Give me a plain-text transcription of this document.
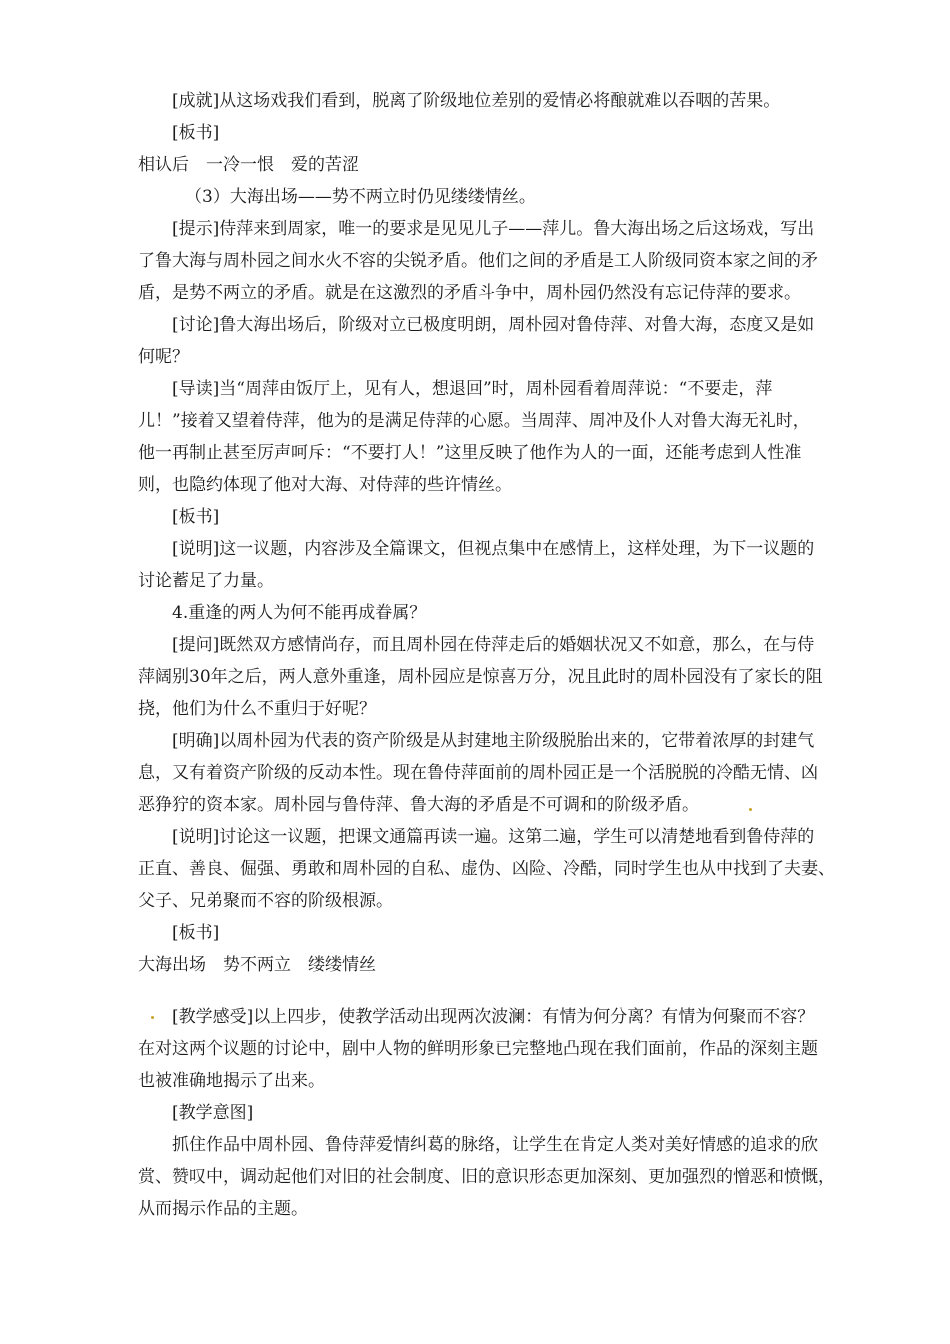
[成就]从这场戏我们看到，脱离了阶级地位差别的爱情必将酿就难以吞咽的苦果。
[板书]
相认后　一冷一恨　爱的苦涩
（3）大海出场——势不两立时仍见缕缕情丝。
[提示]侍萍来到周家，唯一的要求是见见儿子——萍儿。鲁大海出场之后这场戏，写出
了鲁大海与周朴园之间水火不容的尖锐矛盾。他们之间的矛盾是工人阶级同资本家之间的矛
盾，是势不两立的矛盾。就是在这激烈的矛盾斗争中，周朴园仍然没有忘记侍萍的要求。
[讨论]鲁大海出场后，阶级对立已极度明朗，周朴园对鲁侍萍、对鲁大海，态度又是如
何呢？
[导读]当“周萍由饭厅上，见有人，想退回”时，周朴园看着周萍说：“不要走，萍
儿！”接着又望着侍萍，他为的是满足侍萍的心愿。当周萍、周冲及仆人对鲁大海无礼时，
他一再制止甚至厉声呵斥：“不要打人！”这里反映了他作为人的一面，还能考虑到人性准
则，也隐约体现了他对大海、对侍萍的些许情丝。
[板书]
[说明]这一议题，内容涉及全篇课文，但视点集中在感情上，这样处理，为下一议题的
讨论蓄足了力量。
4.重逢的两人为何不能再成眷属？
[提问]既然双方感情尚存，而且周朴园在侍萍走后的婚姻状况又不如意，那么，在与侍
萍阔别30年之后，两人意外重逢，周朴园应是惊喜万分，况且此时的周朴园没有了家长的阻
挠，他们为什么不重归于好呢？
[明确]以周朴园为代表的资产阶级是从封建地主阶级脱胎出来的，它带着浓厚的封建气
息，又有着资产阶级的反动本性。现在鲁侍萍面前的周朴园正是一个活脱脱的冷酷无情、凶
恶狰狞的资本家。周朴园与鲁侍萍、鲁大海的矛盾是不可调和的阶级矛盾。
[说明]讨论这一议题，把课文通篇再读一遍。这第二遍，学生可以清楚地看到鲁侍萍的
正直、善良、倔强、勇敢和周朴园的自私、虚伪、凶险、冷酷，同时学生也从中找到了夫妻、
父子、兄弟聚而不容的阶级根源。
[板书]
大海出场　势不两立　缕缕情丝
[教学感受]以上四步，使教学活动出现两次波澜：有情为何分离？有情为何聚而不容？
在对这两个议题的讨论中，剧中人物的鲜明形象已完整地凸现在我们面前，作品的深刻主题
也被准确地揭示了出来。
[教学意图]
抓住作品中周朴园、鲁侍萍爱情纠葛的脉络，让学生在肯定人类对美好情感的追求的欣
赏、赞叹中，调动起他们对旧的社会制度、旧的意识形态更加深刻、更加强烈的憎恶和愤慨，
从而揭示作品的主题。
